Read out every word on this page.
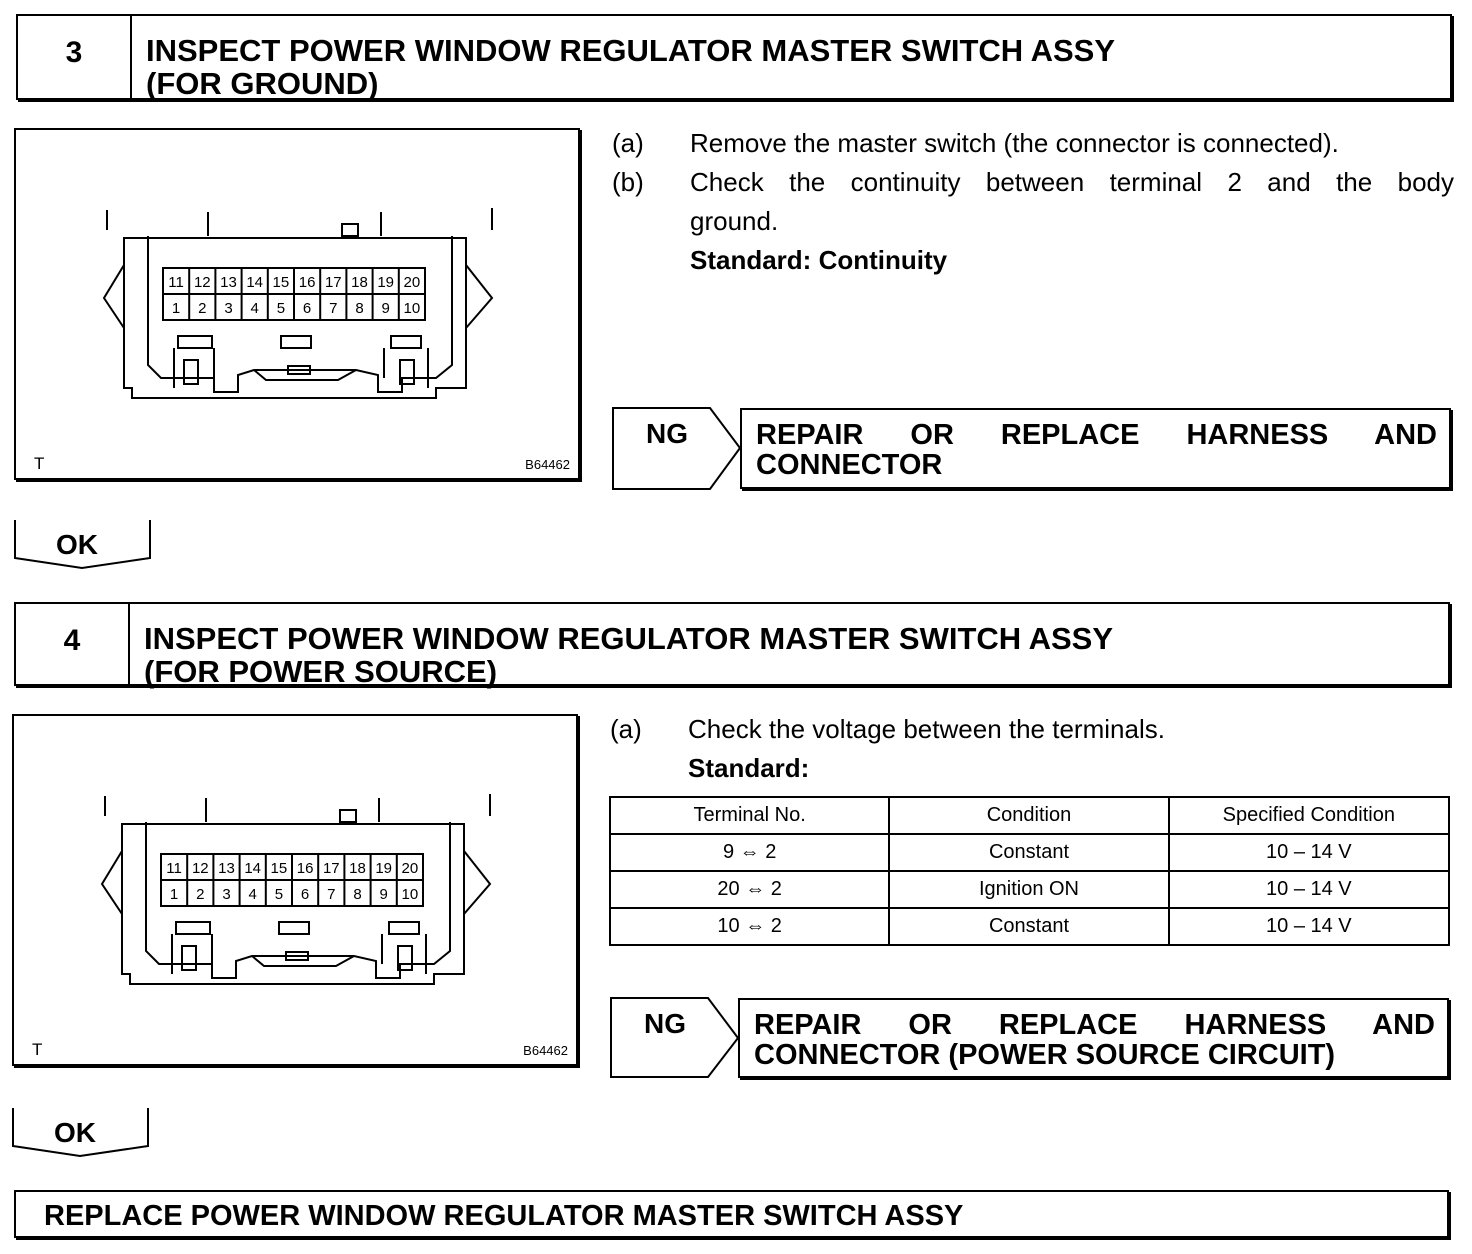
3	INSPECT POWER WINDOW REGULATOR MASTER SWITCH ASSY
(FOR GROUND)
11 12 13 14 15 16 17 18 19 20
1 2 3 4 5 6 7 8 9 10
T	B64462
(a)	Remove the master switch (the connector is connected).
(b)	Check the continuity between terminal 2 and the body
ground.
Standard: Continuity
NG REPAIR OR REPLACE HARNESS AND
CONNECTOR
OK
4	INSPECT POWER WINDOW REGULATOR MASTER SWITCH ASSY
(FOR POWER SOURCE)
11 12 13 14 15 16 17 18 19 20
1 2 3 4 5 6 7 8 9 10
T	B64462
(a)	Check the voltage between the terminals.
Standard:
Terminal No.	Condition	Specified Condition
9 ⇔ 2	Constant	10 – 14 V
20 ⇔ 2	Ignition ON	10 – 14 V
10 ⇔ 2	Constant	10 – 14 V
NG REPAIR OR REPLACE HARNESS AND
CONNECTOR (POWER SOURCE CIRCUIT)
OK
REPLACE POWER WINDOW REGULATOR MASTER SWITCH ASSY
